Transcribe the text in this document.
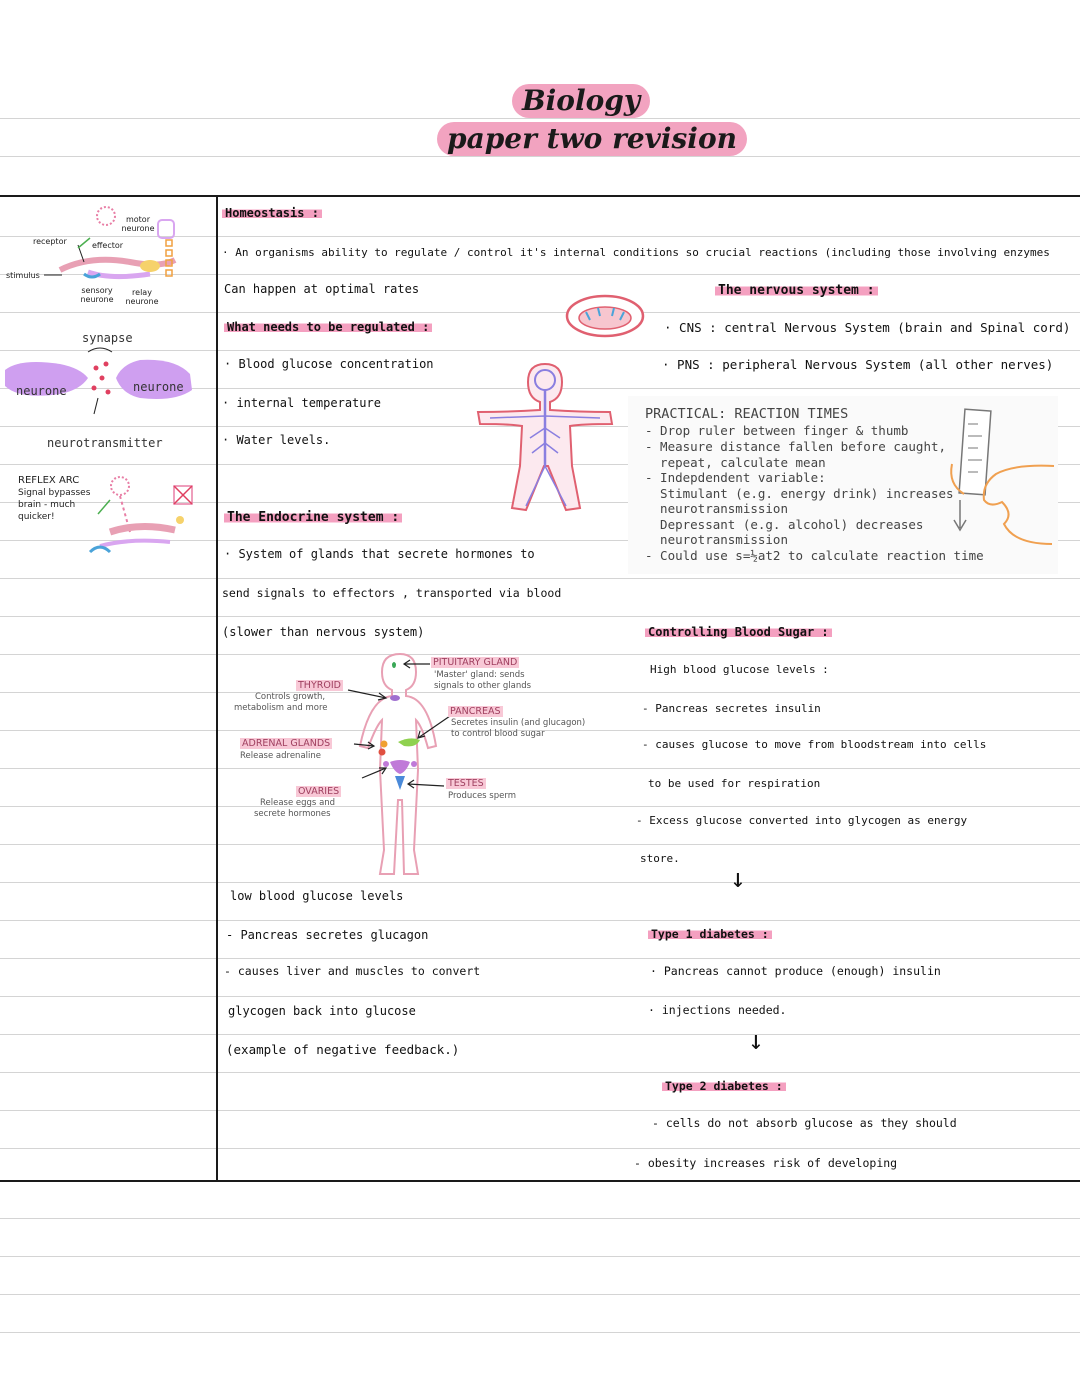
Biology
paper two revision
receptor
stimulus
motor neurone
effector
sensory neurone
relay neurone
synapse
neurone	neurone
neurotransmitter
REFLEX ARC
Signal bypasses
brain - much
quicker!
Homeostasis :
· An organisms ability to regulate / control it's internal conditions so crucial reactions (including those involving enzymes
Can happen at optimal rates
What needs to be regulated :
· Blood glucose concentration
· internal temperature
· Water levels.
The nervous system :
· CNS : central Nervous System (brain and Spinal cord)
· PNS : peripheral Nervous System (all other nerves)
PRACTICAL: REACTION TIMES
- Drop ruler between finger & thumb
- Measure distance fallen before caught,
repeat, calculate mean
- Indepdendent variable:
Stimulant (e.g. energy drink) increases
neurotransmission
Depressant (e.g. alcohol) decreases
neurotransmission
- Could use s=½at2 to calculate reaction time
The Endocrine system :
· System of glands that secrete hormones to
send signals to effectors , transported via blood
(slower than nervous system)
PITUITARY GLAND
'Master' gland: sends
signals to other glands
THYROID
Controls growth,
metabolism and more	PANCREAS
Secretes insulin (and glucagon)
to control blood sugar
ADRENAL GLANDS
Release adrenaline
TESTES
Produces sperm
OVARIES
Release eggs and
secrete hormones
low blood glucose levels
- Pancreas secretes glucagon
- causes liver and muscles to convert
glycogen back into glucose
(example of negative feedback.)
Controlling Blood Sugar :
High blood glucose levels :
- Pancreas secretes insulin
- causes glucose to move from bloodstream into cells
to be used for respiration
- Excess glucose converted into glycogen as energy
store.
↓
Type 1 diabetes :
· Pancreas cannot produce (enough) insulin
· injections needed.
↓
Type 2 diabetes :
- cells do not absorb glucose as they should
- obesity increases risk of developing
